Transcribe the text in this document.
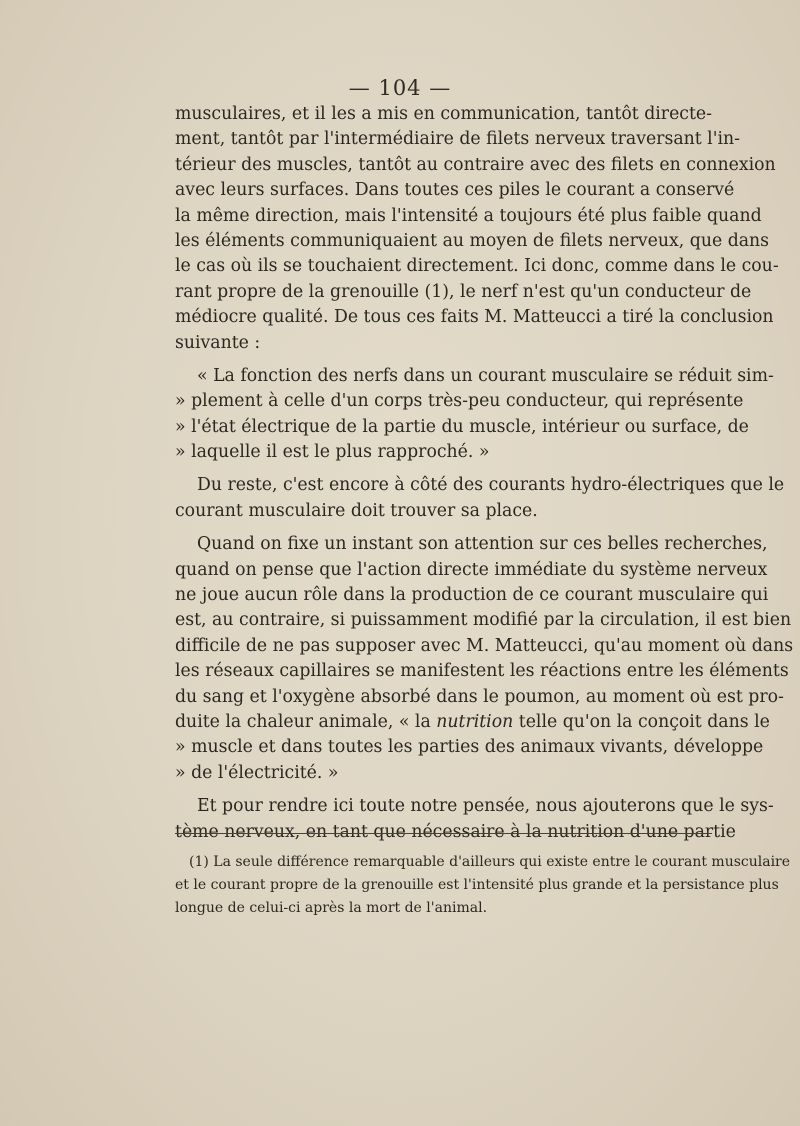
— 104 —
musculaires, et il les a mis en communication, tantôt directe-
ment, tantôt par l'intermédiaire de filets nerveux traversant l'in-
térieur des muscles, tantôt au contraire avec des filets en connexion
avec leurs surfaces. Dans toutes ces piles le courant a conservé
la même direction, mais l'intensité a toujours été plus faible quand
les éléments communiquaient au moyen de filets nerveux, que dans
le cas où ils se touchaient directement. Ici donc, comme dans le cou-
rant propre de la grenouille (1), le nerf n'est qu'un conducteur de
médiocre qualité. De tous ces faits M. Matteucci a tiré la conclusion
suivante :
« La fonction des nerfs dans un courant musculaire se réduit sim-
» plement à celle d'un corps très-peu conducteur, qui représente
» l'état électrique de la partie du muscle, intérieur ou surface, de
» laquelle il est le plus rapproché. »
Du reste, c'est encore à côté des courants hydro-électriques que le
courant musculaire doit trouver sa place.
Quand on fixe un instant son attention sur ces belles recherches,
quand on pense que l'action directe immédiate du système nerveux
ne joue aucun rôle dans la production de ce courant musculaire qui
est, au contraire, si puissamment modifié par la circulation, il est bien
difficile de ne pas supposer avec M. Matteucci, qu'au moment où dans
les réseaux capillaires se manifestent les réactions entre les éléments
du sang et l'oxygène absorbé dans le poumon, au moment où est pro-
duite la chaleur animale, « la nutrition telle qu'on la conçoit dans le
» muscle et dans toutes les parties des animaux vivants, développe
» de l'électricité. »
Et pour rendre ici toute notre pensée, nous ajouterons que le sys-
tème nerveux, en tant que nécessaire à la nutrition d'une partie
(1) La seule différence remarquable d'ailleurs qui existe entre le courant musculaire
et le courant propre de la grenouille est l'intensité plus grande et la persistance plus
longue de celui-ci après la mort de l'animal.
